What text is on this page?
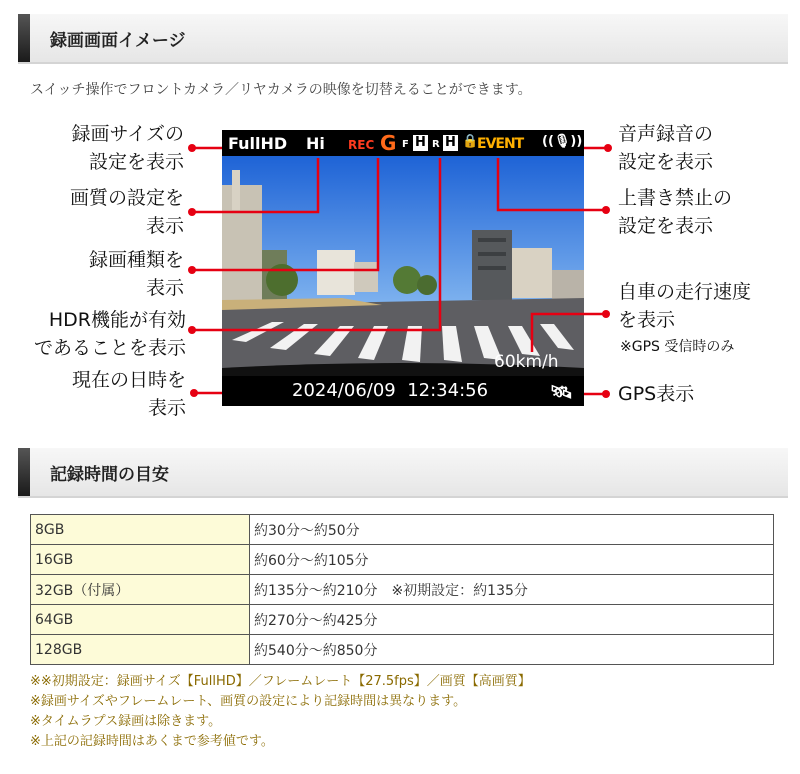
録画画面イメージ
スイッチ操作でフロントカメラ／リヤカメラの映像を切替えることができます。
録画サイズの
設定を表示
画質の設定を
表示
録画種類を
表示
HDR機能が有効
であることを表示
現在の日時を
表示
音声録音の
設定を表示
上書き禁止の
設定を表示
自車の走行速度
を表示
※GPS 受信時のみ
GPS表示
FullHD Hi REC G F H R H 🔒
EVENT ((🎙))
60km/h
2024/06/09  12:34:56	🛰
記録時間の目安
8GB	約30分～約50分
16GB	約60分～約105分
32GB（付属）	約135分～約210分　※初期設定：約135分
64GB	約270分～約425分
128GB	約540分～約850分
※※初期設定：録画サイズ【FullHD】／フレームレート【27.5fps】／画質【高画質】
※録画サイズやフレームレート、画質の設定により記録時間は異なります。
※タイムラプス録画は除きます。
※上記の記録時間はあくまで参考値です。
